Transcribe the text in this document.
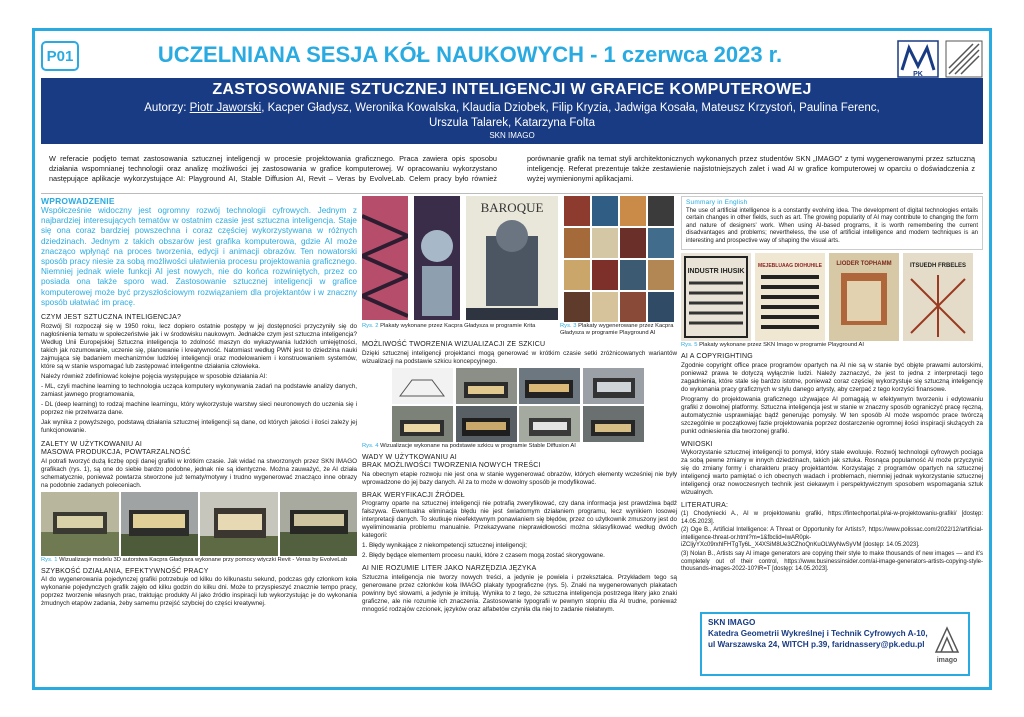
P01	UCZELNIANA SESJA KÓŁ NAUKOWYCH - 1 czerwca 2023 r.
PK
ZASTOSOWANIE SZTUCZNEJ INTELIGENCJI W GRAFICE KOMPUTEROWEJ
Autorzy: Piotr Jaworski, Kacper Gładysz, Weronika Kowalska, Klaudia Dziobek, Filip Kryzia, Jadwiga Kosała, Mateusz Krzystoń, Paulina Ferenc,
Urszula Talarek, Katarzyna Folta
SKN IMAGO
W referacie podjęto temat zastosowania sztucznej inteligencji w procesie projektowania graficznego. Praca zawiera opis sposobu działania wspomnianej technologii oraz analizę możliwości jej zastosowania w grafice komputerowej. W opracowaniu wykorzystano następujące aplikacje wykorzystujące AI: Playground AI, Stable Diffusion AI, Revit – Veras by EvolveLab. Celem pracy było również porównanie grafik na temat styli architektonicznych wykonanych przez studentów SKN „IMAGO” z tymi wygenerowanymi przez sztuczną inteligencję. Referat prezentuje także zestawienie najistotniejszych zalet i wad AI w grafice komputerowej w oparciu o doświadczenia z wyżej wymienionymi aplikacjami.
WPROWADZENIE

Współcześnie widoczny jest ogromny rozwój technologii cyfrowych. Jednym z najbardziej interesujących tematów w ostatnim czasie jest sztuczna inteligencja. Staje się ona coraz bardziej powszechna i coraz częściej wykorzystywana w różnych dziedzinach. Jednym z takich obszarów jest grafika komputerowa, gdzie AI może znacząco wpłynąć na proces tworzenia, edycji i animacji obrazów. Ten nowatorski sposób pracy niesie za sobą możliwości ułatwienia procesu projektowania graficznego. Niemniej jednak wiele funkcji AI jest nowych, nie do końca rozwiniętych, przez co posiada ona także sporo wad. Zastosowanie sztucznej inteligencji w grafice komputerowej może być przyszłościowym rozwiązaniem dla projektantów i w znaczny sposób ułatwiać im pracę.

CZYM JEST SZTUCZNA INTELIGENCJA?

Rozwój SI rozpoczął się w 1950 roku, lecz dopiero ostatnie postępy w jej dostępności przyczyniły się do nagłośnienia tematu w społeczeństwie jak i w środowisku naukowym. Jednakże czym jest sztuczna inteligencja? Według Unii Europejskiej Sztuczna inteligencja to zdolność maszyn do wykazywania ludzkich umiejętności, takich jak rozumowanie, uczenie się, planowanie i kreatywność. Natomiast według PWN jest to dziedzina nauki zajmująca się badaniem mechanizmów ludzkiej inteligencji oraz modelowaniem i konstruowaniem systemów, które są w stanie wspomagać lub zastępować inteligentne działania człowieka.

Należy również zdefiniować kolejne pojęcia występujące w sposobie działania AI:

- ML, czyli machine learning to technologia ucząca komputery wykonywania zadań na podstawie analizy danych, zamiast jawnego programowania,

- DL (deep learning) to rodzaj machine learningu, który wykorzystuje warstwy sieci neuronowych do uczenia się i poprzez nie przetwarza dane.

Jak wynika z powyższego, podstawą działania sztucznej inteligencji są dane, od których jakości i ilości zależy jej funkcjonowanie.

ZALETY W UŻYTKOWANIU AI
MASOWA PRODUKCJA, POWTARZALNOŚĆ

AI potrafi tworzyć dużą liczbę opcji danej grafiki w krótkim czasie. Jak widać na stworzonych przez SKN IMAGO grafikach (rys. 1), są one do siebie bardzo podobne, jednak nie są identyczne. Można zauważyć, że AI działa schematycznie, ponieważ powtarza stworzone już tematy/motywy i trudno wygenerować znacząco inne obrazy na podobnie zadanych poleceniach.

Rys. 1 Wizualizacje modelu 3D autorstwa Kacpra Gładysza wykonane przy pomocy wtyczki Revit - Veras by EvolveLab
SZYBKOŚĆ DZIAŁANIA, EFEKTYWNOŚĆ PRACY

AI do wygenerowania pojedynczej grafiki potrzebuje od kilku do kilkunastu sekund, podczas gdy członkom koła wykonanie pojedynczych grafik zajęło od kilku godzin do kilku dni. Może to przyspieszyć znacznie tempo pracy, poprzez tworzenie własnych prac, traktując produkty AI jako źródło inspiracji lub wykorzystując je do wykonania żmudnych etapów zadania, żeby samemu przejść szybciej do części kreatywnej.

BAROQUE
Rys. 2 Plakaty wykonane przez Kacpra Gładysza w programie Krita	Rys. 3 Plakaty wygenerowane przez Kacpra Gładysza w programie Playground AI
MOŻLIWOŚĆ TWORZENIA WIZUALIZACJI ZE SZKICU

Dzięki sztucznej inteligencji projektanci mogą generować w krótkim czasie setki zróżnicowanych wariantów wizualizacji na podstawie szkicu koncepcyjnego.

Rys. 4 Wizualizacje wykonane na podstawie szkicu w programie Stable Diffusion AI
WADY W UŻYTKOWANIU AI
BRAK MOŻLIWOŚCI TWORZENIA NOWYCH TREŚCI

Na obecnym etapie rozwoju nie jest ona w stanie wygenerować obrazów, których elementy wcześniej nie były wprowadzone do jej bazy danych. AI za to może w dowolny sposób je modyfikować.

BRAK WERYFIKACJI ŹRÓDEŁ

Programy oparte na sztucznej inteligencji nie potrafią zweryfikować, czy dana informacja jest prawdziwa bądź fałszywa. Ewentualna eliminacja błędu nie jest świadomym działaniem programu, lecz wynikiem losowej interpretacji danych. To skutkuje nieefektywnym ponawianiem się błędów, przez co użytkownik zmuszony jest do wyeliminowania problemu manualnie. Przekazywane nieprawidłowości można sklasyfikować według dwóch kategorii:

1. Błędy wynikające z niekompetencji sztucznej inteligencji;

2. Błędy będące elementem procesu nauki, które z czasem mogą zostać skorygowane.

AI NIE ROZUMIE LITER JAKO NARZĘDZIA JĘZYKA

Sztuczna inteligencja nie tworzy nowych treści, a jedynie je powiela i przekształca. Przykładem tego są generowane przez członków koła IMAGO plakaty typograficzne (rys. 5). Znaki na wygenerowanych plakatach powinny być słowami, a jedynie je imitują. Wynika to z tego, że sztuczna inteligencja postrzega litery jako znaki graficzne, ale nie rozumie ich znaczenia. Zastosowanie typografii w pewnym stopniu dla AI trudne, ponieważ mnogość rodzajów czcionek, języków oraz alfabetów czyniła dla niej to zadanie niełatwym.

Summary in English

The use of artificial intelligence is a constantly evolving idea. The development of digital technologies entails certain changes in other fields, such as art. The growing popularity of AI may contribute to changing the form and nature of designers' work. When using AI-based programs, it is worth remembering the current disadvantages and problems; nevertheless, the use of artificial intelligence and modern techniques is an interesting and prospective way of shaping the visual arts.

INDUSTR IHUSIK
MEJEBLUAAG DIOHUHILE LIODER TOPHAMM	ITSUEDH FRBELES
Rys. 5 Plakaty wykonane przez SKN Imago w programie Playground AI
AI A COPYRIGHTING

Zgodnie copyright office prace programów opartych na AI nie są w stanie być objęte prawami autorskimi, ponieważ prawa te dotyczą wyłącznie ludzi. Należy zaznaczyć, że jest to jedna z interpretacji tego zagadnienia, które stale się bardzo istotne, ponieważ coraz częściej wykorzystuje się sztuczną inteligencję do wykonania pracy graficznych w stylu danego artysty, aby czerpać z tego korzyści finansowe.

Programy do projektowania graficznego używające AI pomagają w efektywnym tworzeniu i edytowaniu grafiki z dowolnej platformy. Sztuczna inteligencja jest w stanie w znaczny sposób ograniczyć pracę ręczną, automatycznie usprawniając bądź generując pomysły. W ten sposób AI może wspomóc prace twórczą szczególnie w początkowej fazie projektowania poprzez dostarczenie ogromnej ilości inspiracji służących za punkt odniesienia dla tworzonej grafiki.

WNIOSKI

Wykorzystanie sztucznej inteligencji to pomysł, który stale ewoluuje. Rozwój technologii cyfrowych pociąga za sobą pewne zmiany w innych dziedzinach, takich jak sztuka. Rosnąca popularność AI może przyczynić się do zmiany formy i charakteru pracy projektantów. Korzystając z programów opartych na sztucznej inteligencji warto pamiętać o ich obecnych wadach i problemach, niemniej jednak wykorzystanie sztucznej inteligencji oraz nowoczesnych technik jest ciekawym i perspektywicznym sposobem wspomagania sztuk wizualnych.

LITERATURA:

(1) Chodyniecki A., AI w projektowaniu grafiki, https://fintechportal.pl/ai-w-projektowaniu-grafiki/ [dostęp: 14.05.2023].

(2) Oge B., Artificial Intelligence: A Threat or Opportunity for Artists?, https://www.polissac.com/2022/12/artificial-intelligence-threat-or.html?m=1&fbclid=IwAR0pk-iZCljyYXc09rxhlFHTgTy6L_X4XSiM8Ue3CZhoQnKuOLWyNwSyVM [dostęp: 14.05.2023].

(3) Nolan B., Artists say AI image generators are copying their style to make thousands of new images — and it's completely out of their control, https://www.businessinsider.com/ai-image-generators-artists-copying-style-thousands-images-2022-10?IR=T [dostęp: 14.05.2023].

SKN IMAGO
Katedra Geometrii Wykreślnej i Technik Cyfrowych A-10,
ul Warszawska 24, WITCH p.39, faridnassery@pk.edu.pl
imago
